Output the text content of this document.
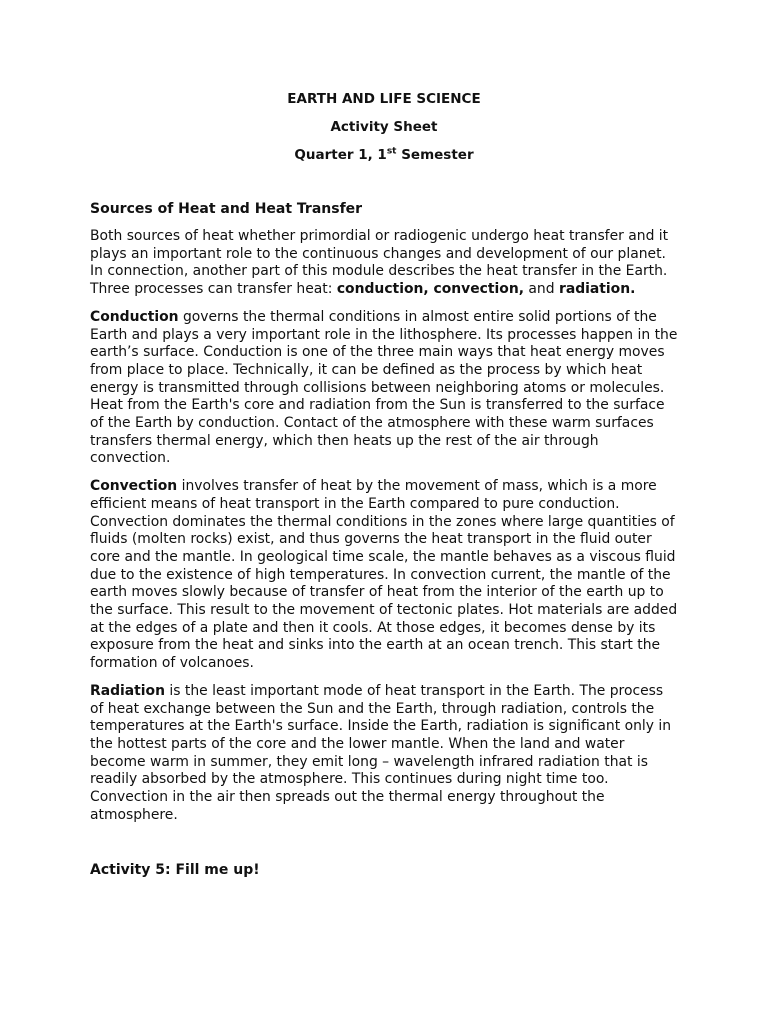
EARTH AND LIFE SCIENCE
Activity Sheet
Quarter 1, 1st Semester
Sources of Heat and Heat Transfer

Both sources of heat whether primordial or radiogenic undergo heat transfer and it plays an important role to the continuous changes and development of our planet. In connection, another part of this module describes the heat transfer in the Earth. Three processes can transfer heat: conduction, convection, and radiation.

Conduction governs the thermal conditions in almost entire solid portions of the Earth and plays a very important role in the lithosphere. Its processes happen in the earth’s surface. Conduction is one of the three main ways that heat energy moves from place to place. Technically, it can be defined as the process by which heat energy is transmitted through collisions between neighboring atoms or molecules. Heat from the Earth's core and radiation from the Sun is transferred to the surface of the Earth by conduction. Contact of the atmosphere with these warm surfaces transfers thermal energy, which then heats up the rest of the air through convection.

Convection involves transfer of heat by the movement of mass, which is a more efficient means of heat transport in the Earth compared to pure conduction. Convection dominates the thermal conditions in the zones where large quantities of fluids (molten rocks) exist, and thus governs the heat transport in the fluid outer core and the mantle. In geological time scale, the mantle behaves as a viscous fluid due to the existence of high temperatures. In convection current, the mantle of the earth moves slowly because of transfer of heat from the interior of the earth up to the surface. This result to the movement of tectonic plates. Hot materials are added at the edges of a plate and then it cools. At those edges, it becomes dense by its exposure from the heat and sinks into the earth at an ocean trench. This start the formation of volcanoes.

Radiation is the least important mode of heat transport in the Earth. The process of heat exchange between the Sun and the Earth, through radiation, controls the temperatures at the Earth's surface. Inside the Earth, radiation is significant only in the hottest parts of the core and the lower mantle. When the land and water become warm in summer, they emit long – wavelength infrared radiation that is readily absorbed by the atmosphere. This continues during night time too. Convection in the air then spreads out the thermal energy throughout the atmosphere.

Activity 5: Fill me up!
